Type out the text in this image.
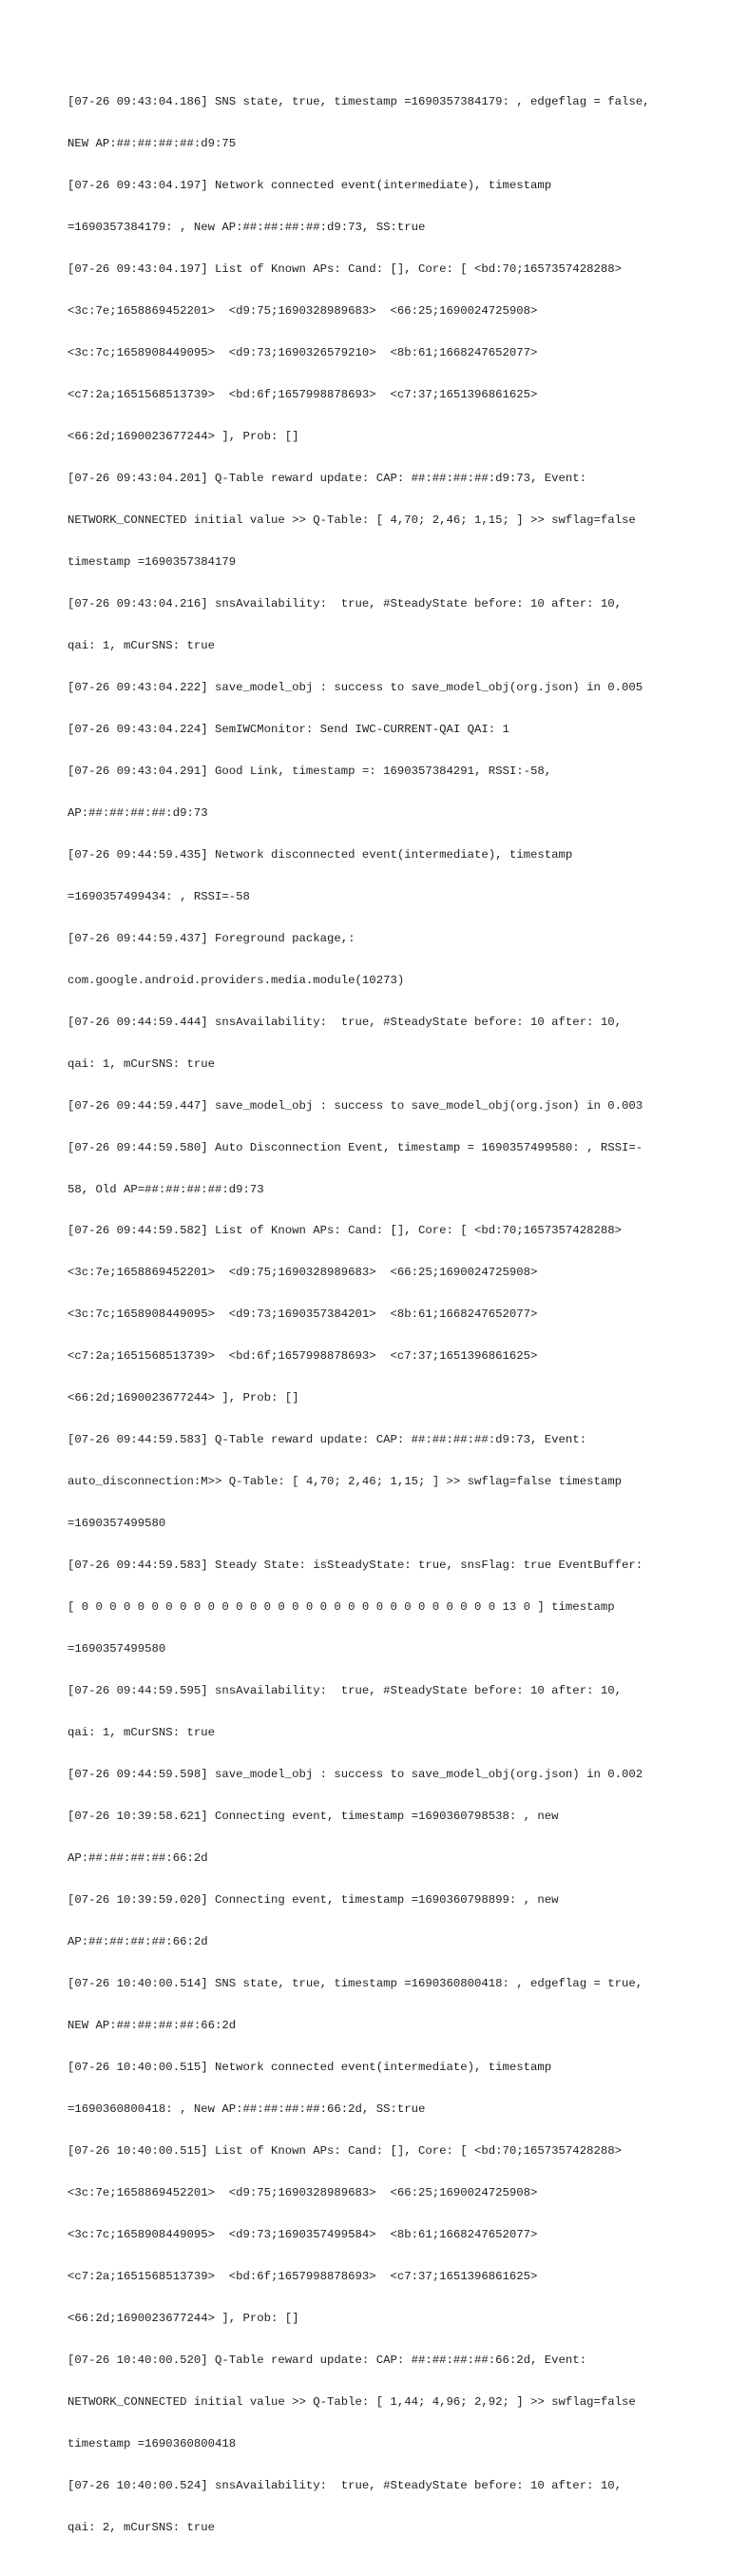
[07-26 09:43:04.186] SNS state, true, timestamp =1690357384179: , edgeflag = false,

NEW AP:##:##:##:##:d9:75

[07-26 09:43:04.197] Network connected event(intermediate), timestamp

=1690357384179: , New AP:##:##:##:##:d9:73, SS:true

[07-26 09:43:04.197] List of Known APs: Cand: [], Core: [ <bd:70;1657357428288>

<3c:7e;1658869452201>  <d9:75;1690328989683>  <66:25;1690024725908>

<3c:7c;1658908449095>  <d9:73;1690326579210>  <8b:61;1668247652077>

<c7:2a;1651568513739>  <bd:6f;1657998878693>  <c7:37;1651396861625>

<66:2d;1690023677244> ], Prob: []

[07-26 09:43:04.201] Q-Table reward update: CAP: ##:##:##:##:d9:73, Event:

NETWORK_CONNECTED initial value >> Q-Table: [ 4,70; 2,46; 1,15; ] >> swflag=false

timestamp =1690357384179

[07-26 09:43:04.216] snsAvailability:  true, #SteadyState before: 10 after: 10,

qai: 1, mCurSNS: true

[07-26 09:43:04.222] save_model_obj : success to save_model_obj(org.json) in 0.005

[07-26 09:43:04.224] SemIWCMonitor: Send IWC-CURRENT-QAI QAI: 1

[07-26 09:43:04.291] Good Link, timestamp =: 1690357384291, RSSI:-58,

AP:##:##:##:##:d9:73

[07-26 09:44:59.435] Network disconnected event(intermediate), timestamp

=1690357499434: , RSSI=-58

[07-26 09:44:59.437] Foreground package,:

com.google.android.providers.media.module(10273)

[07-26 09:44:59.444] snsAvailability:  true, #SteadyState before: 10 after: 10,

qai: 1, mCurSNS: true

[07-26 09:44:59.447] save_model_obj : success to save_model_obj(org.json) in 0.003

[07-26 09:44:59.580] Auto Disconnection Event, timestamp = 1690357499580: , RSSI=-

58, Old AP=##:##:##:##:d9:73

[07-26 09:44:59.582] List of Known APs: Cand: [], Core: [ <bd:70;1657357428288>

<3c:7e;1658869452201>  <d9:75;1690328989683>  <66:25;1690024725908>

<3c:7c;1658908449095>  <d9:73;1690357384201>  <8b:61;1668247652077>

<c7:2a;1651568513739>  <bd:6f;1657998878693>  <c7:37;1651396861625>

<66:2d;1690023677244> ], Prob: []

[07-26 09:44:59.583] Q-Table reward update: CAP: ##:##:##:##:d9:73, Event:

auto_disconnection:M>> Q-Table: [ 4,70; 2,46; 1,15; ] >> swflag=false timestamp

=1690357499580

[07-26 09:44:59.583] Steady State: isSteadyState: true, snsFlag: true EventBuffer:

[ 0 0 0 0 0 0 0 0 0 0 0 0 0 0 0 0 0 0 0 0 0 0 0 0 0 0 0 0 0 0 13 0 ] timestamp

=1690357499580

[07-26 09:44:59.595] snsAvailability:  true, #SteadyState before: 10 after: 10,

qai: 1, mCurSNS: true

[07-26 09:44:59.598] save_model_obj : success to save_model_obj(org.json) in 0.002

[07-26 10:39:58.621] Connecting event, timestamp =1690360798538: , new

AP:##:##:##:##:66:2d

[07-26 10:39:59.020] Connecting event, timestamp =1690360798899: , new

AP:##:##:##:##:66:2d

[07-26 10:40:00.514] SNS state, true, timestamp =1690360800418: , edgeflag = true,

NEW AP:##:##:##:##:66:2d

[07-26 10:40:00.515] Network connected event(intermediate), timestamp

=1690360800418: , New AP:##:##:##:##:66:2d, SS:true

[07-26 10:40:00.515] List of Known APs: Cand: [], Core: [ <bd:70;1657357428288>

<3c:7e;1658869452201>  <d9:75;1690328989683>  <66:25;1690024725908>

<3c:7c;1658908449095>  <d9:73;1690357499584>  <8b:61;1668247652077>

<c7:2a;1651568513739>  <bd:6f;1657998878693>  <c7:37;1651396861625>

<66:2d;1690023677244> ], Prob: []

[07-26 10:40:00.520] Q-Table reward update: CAP: ##:##:##:##:66:2d, Event:

NETWORK_CONNECTED initial value >> Q-Table: [ 1,44; 4,96; 2,92; ] >> swflag=false

timestamp =1690360800418

[07-26 10:40:00.524] snsAvailability:  true, #SteadyState before: 10 after: 10,

qai: 2, mCurSNS: true
